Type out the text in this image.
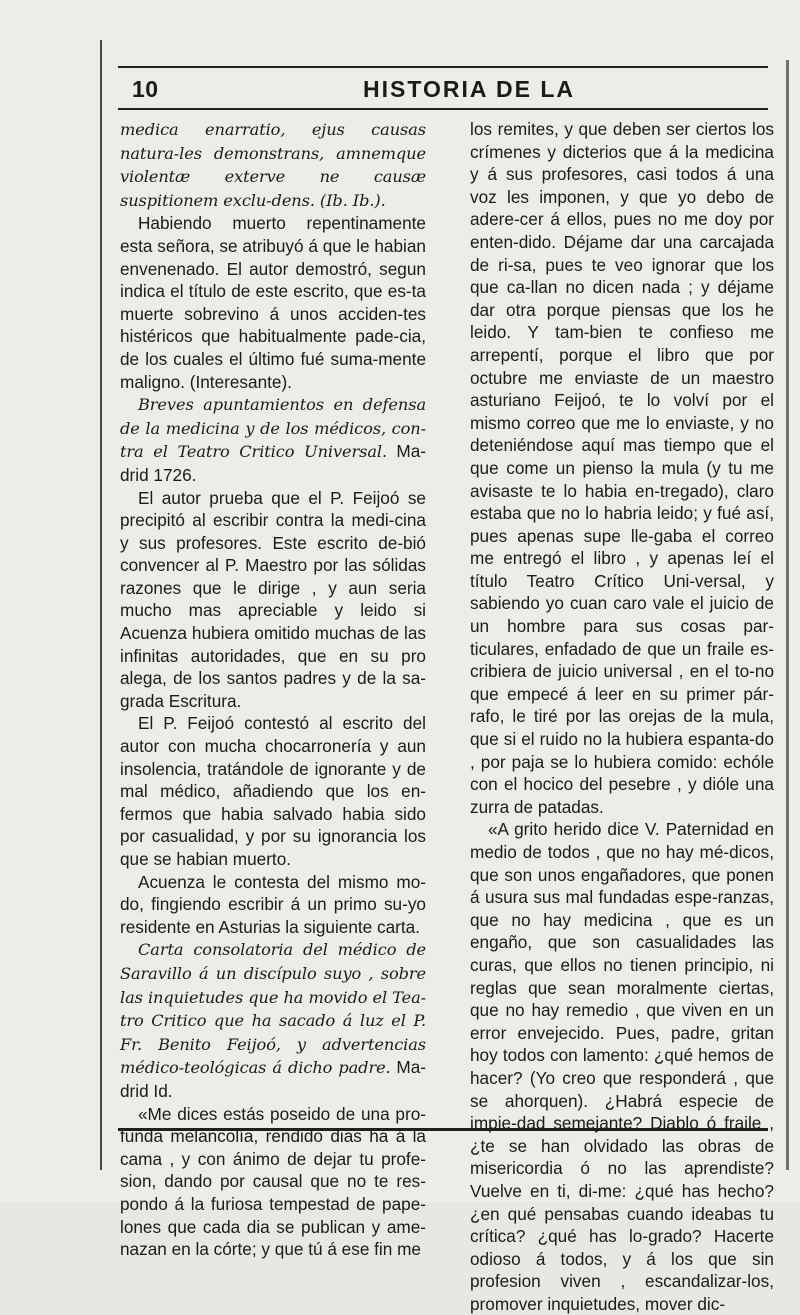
10	HISTORIA DE LA

medica enarratio, ejus causas natura-les demonstrans, amnemque violentæ exterve ne causæ suspitionem exclu-dens. (Ib. Ib.).

Habiendo muerto repentinamente esta señora, se atribuyó á que le habian envenenado. El autor demostró, segun indica el título de este escrito, que es-ta muerte sobrevino á unos acciden-tes histéricos que habitualmente pade-cia, de los cuales el último fué suma-mente maligno. (Interesante).

Breves apuntamientos en defensa de la medicina y de los médicos, con-tra el Teatro Critico Universal. Ma-drid 1726.

El autor prueba que el P. Feijoó se precipitó al escribir contra la medi-cina y sus profesores. Este escrito de-bió convencer al P. Maestro por las sólidas razones que le dirige , y aun seria mucho mas apreciable y leido si Acuenza hubiera omitido muchas de las infinitas autoridades, que en su pro alega, de los santos padres y de la sa-grada Escritura.

El P. Feijoó contestó al escrito del autor con mucha chocarronería y aun insolencia, tratándole de ignorante y de mal médico, añadiendo que los en-fermos que habia salvado habia sido por casualidad, y por su ignorancia los que se habian muerto.

Acuenza le contesta del mismo mo-do, fingiendo escribir á un primo su-yo residente en Asturias la siguiente carta.

Carta consolatoria del médico de Saravillo á un discípulo suyo , sobre las inquietudes que ha movido el Tea-tro Critico que ha sacado á luz el P. Fr. Benito Feijoó, y advertencias médico-teológicas á dicho padre. Ma-drid Id.

«Me dices estás poseido de una pro-funda melancolía, rendido dias ha á la cama , y con ánimo de dejar tu profe-sion, dando por causal que no te res-pondo á la furiosa tempestad de pape-lones que cada dia se publican y ame-nazan en la córte; y que tú á ese fin me

los remites, y que deben ser ciertos los crímenes y dicterios que á la medicina y á sus profesores, casi todos á una voz les imponen, y que yo debo de adere-cer á ellos, pues no me doy por enten-dido. Déjame dar una carcajada de ri-sa, pues te veo ignorar que los que ca-llan no dicen nada ; y déjame dar otra porque piensas que los he leido. Y tam-bien te confieso me arrepentí, porque el libro que por octubre me enviaste de un maestro asturiano Feijoó, te lo volví por el mismo correo que me lo enviaste, y no deteniéndose aquí mas tiempo que el que come un pienso la mula (y tu me avisaste te lo habia en-tregado), claro estaba que no lo habria leido; y fué así, pues apenas supe lle-gaba el correo me entregó el libro , y apenas leí el título Teatro Crítico Uni-versal, y sabiendo yo cuan caro vale el juicio de un hombre para sus cosas par-ticulares, enfadado de que un fraile es-cribiera de juicio universal , en el to-no que empecé á leer en su primer pár-rafo, le tiré por las orejas de la mula, que si el ruido no la hubiera espanta-do , por paja se lo hubiera comido: echóle con el hocico del pesebre , y dióle una zurra de patadas.

«A grito herido dice V. Paternidad en medio de todos , que no hay mé-dicos, que son unos engañadores, que ponen á usura sus mal fundadas espe-ranzas, que no hay medicina , que es un engaño, que son casualidades las curas, que ellos no tienen principio, ni reglas que sean moralmente ciertas, que no hay remedio , que viven en un error envejecido. Pues, padre, gritan hoy todos con lamento: ¿qué hemos de hacer? (Yo creo que responderá , que se ahorquen). ¿Habrá especie de impie-dad semejante? Diablo ó fraile , ¿te se han olvidado las obras de misericordia ó no las aprendiste? Vuelve en ti, di-me: ¿qué has hecho? ¿en qué pensabas cuando ideabas tu crítica? ¿qué has lo-grado? Hacerte odioso á todos, y á los que sin profesion viven , escandalizar-los, promover inquietudes, mover dic-
